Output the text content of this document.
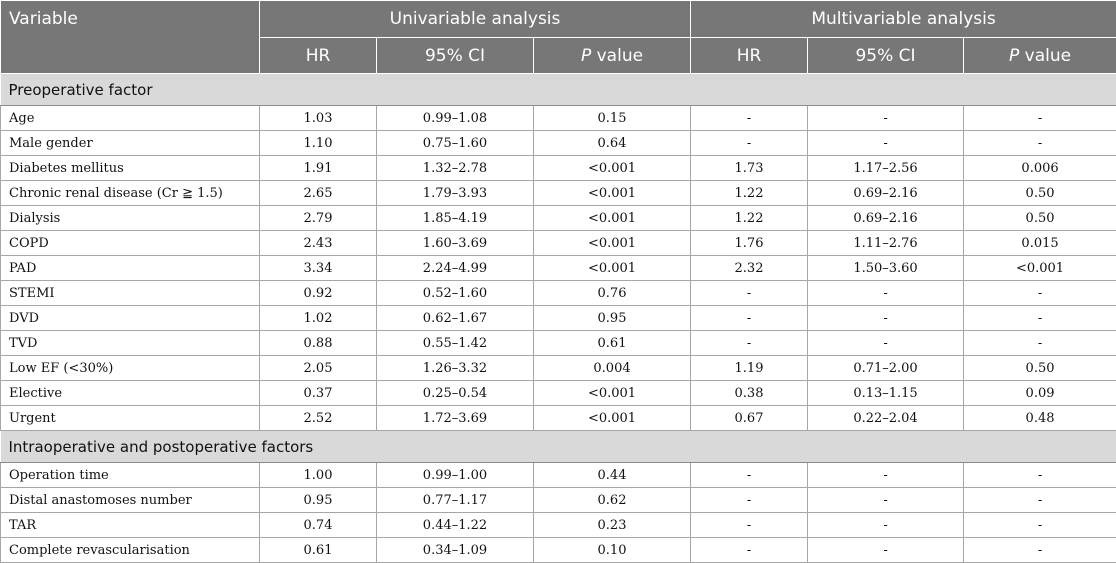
Variable	Univariable analysis			Multivariable analysis		
	HR	95% CI	P value	HR	95% CI	P value
Preoperative factor						
Age	1.03	0.99–1.08	0.15	-	-	-
Male gender	1.10	0.75–1.60	0.64	-	-	-
Diabetes mellitus	1.91	1.32–2.78	<0.001	1.73	1.17–2.56	0.006
Chronic renal disease (Cr ≧ 1.5)	2.65	1.79–3.93	<0.001	1.22	0.69–2.16	0.50
Dialysis	2.79	1.85–4.19	<0.001	1.22	0.69–2.16	0.50
COPD	2.43	1.60–3.69	<0.001	1.76	1.11–2.76	0.015
PAD	3.34	2.24–4.99	<0.001	2.32	1.50–3.60	<0.001
STEMI	0.92	0.52–1.60	0.76	-	-	-
DVD	1.02	0.62–1.67	0.95	-	-	-
TVD	0.88	0.55–1.42	0.61	-	-	-
Low EF (<30%)	2.05	1.26–3.32	0.004	1.19	0.71–2.00	0.50
Elective	0.37	0.25–0.54	<0.001	0.38	0.13–1.15	0.09
Urgent	2.52	1.72–3.69	<0.001	0.67	0.22–2.04	0.48
Intraoperative and postoperative factors						
Operation time	1.00	0.99–1.00	0.44	-	-	-
Distal anastomoses number	0.95	0.77–1.17	0.62	-	-	-
TAR	0.74	0.44–1.22	0.23	-	-	-
Complete revascularisation	0.61	0.34–1.09	0.10	-	-	-
